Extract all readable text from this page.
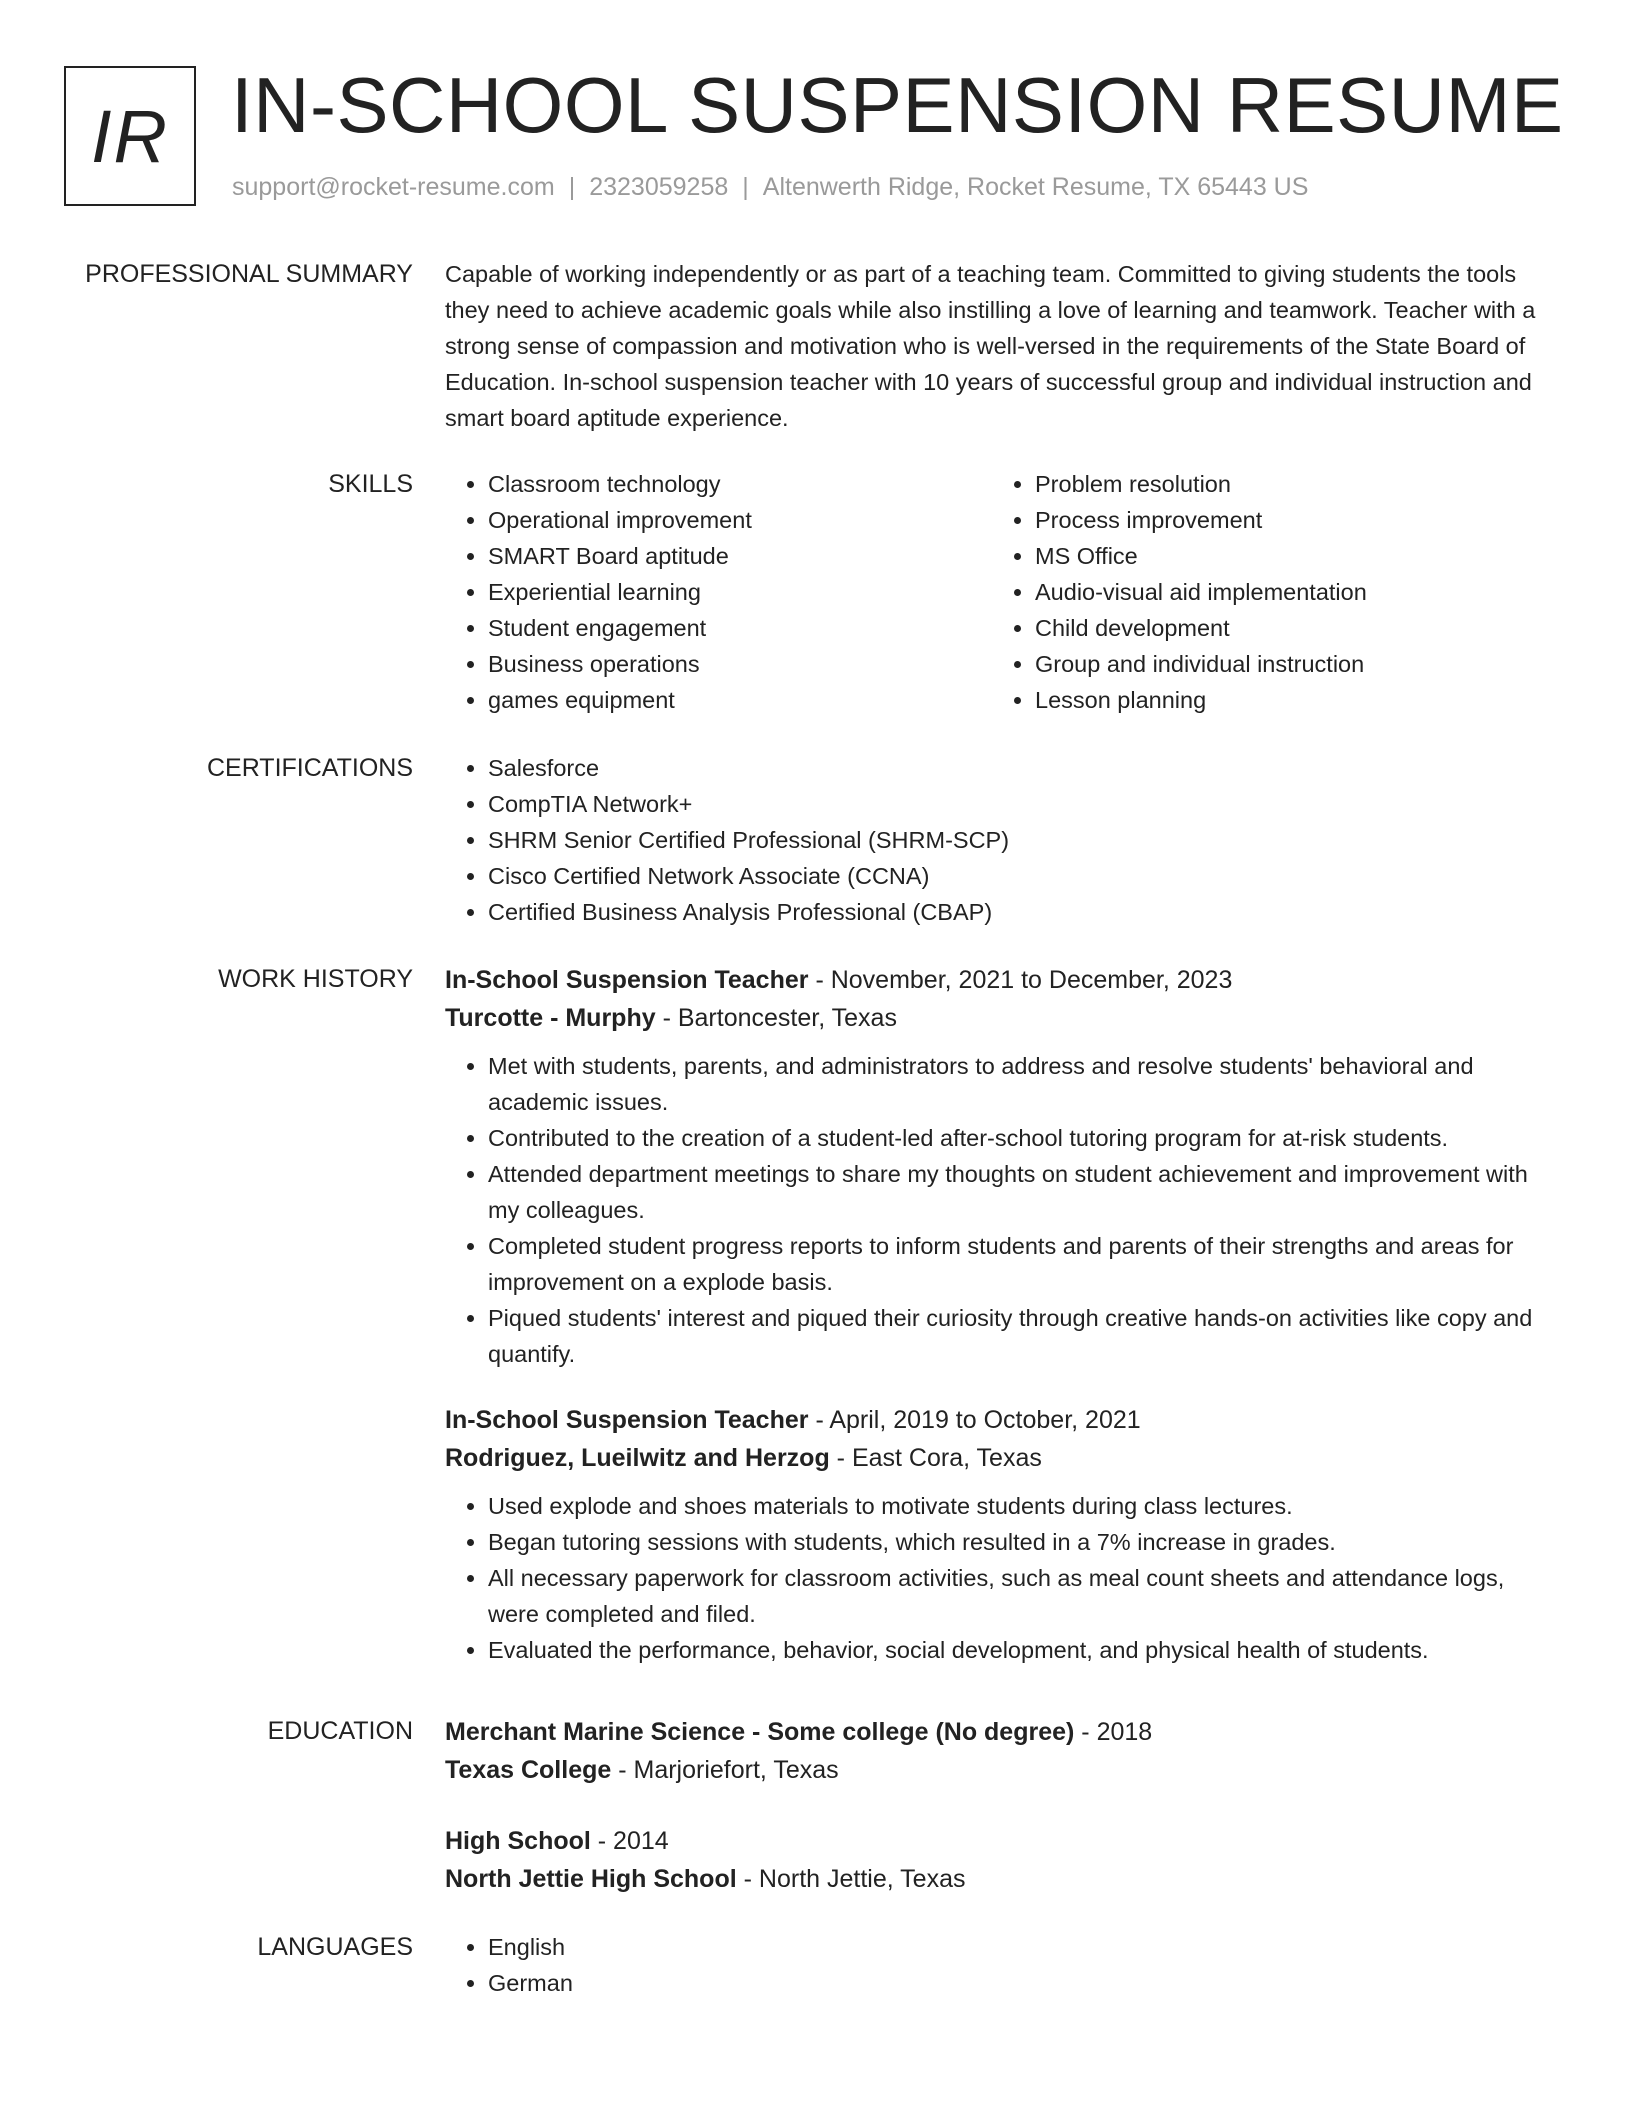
IR IN-SCHOOL SUSPENSION RESUME
support@rocket-resume.com | 2323059258 | Altenwerth Ridge, Rocket Resume, TX 65443 US
PROFESSIONAL SUMMARY Capable of working independently or as part of a teaching team. Committed to giving students the tools they need to achieve academic goals while also instilling a love of learning and teamwork. Teacher with a strong sense of compassion and motivation who is well-versed in the requirements of the State Board of Education. In-school suspension teacher with 10 years of successful group and individual instruction and smart board aptitude experience.
SKILLS	• Classroom technology
• Operational improvement
• SMART Board aptitude
• Experiential learning
• Student engagement
• Business operations
• games equipment
• Problem resolution
• Process improvement
• MS Office
• Audio-visual aid implementation
• Child development
• Group and individual instruction
• Lesson planning
CERTIFICATIONS	• Salesforce
• CompTIA Network+
• SHRM Senior Certified Professional (SHRM-SCP)
• Cisco Certified Network Associate (CCNA)
• Certified Business Analysis Professional (CBAP)
WORK HISTORY In-School Suspension Teacher - November, 2021 to December, 2023
Turcotte - Murphy - Bartoncester, Texas
• Met with students, parents, and administrators to address and resolve students' behavioral and academic issues.
• Contributed to the creation of a student-led after-school tutoring program for at-risk students.
• Attended department meetings to share my thoughts on student achievement and improvement with my colleagues.
• Completed student progress reports to inform students and parents of their strengths and areas for improvement on a explode basis.
• Piqued students' interest and piqued their curiosity through creative hands-on activities like copy and quantify.
In-School Suspension Teacher - April, 2019 to October, 2021
Rodriguez, Lueilwitz and Herzog - East Cora, Texas
• Used explode and shoes materials to motivate students during class lectures.
• Began tutoring sessions with students, which resulted in a 7% increase in grades.
• All necessary paperwork for classroom activities, such as meal count sheets and attendance logs, were completed and filed.
• Evaluated the performance, behavior, social development, and physical health of students.
EDUCATION Merchant Marine Science - Some college (No degree) - 2018
Texas College - Marjoriefort, Texas
High School - 2014
North Jettie High School - North Jettie, Texas
LANGUAGES	• English
• German
